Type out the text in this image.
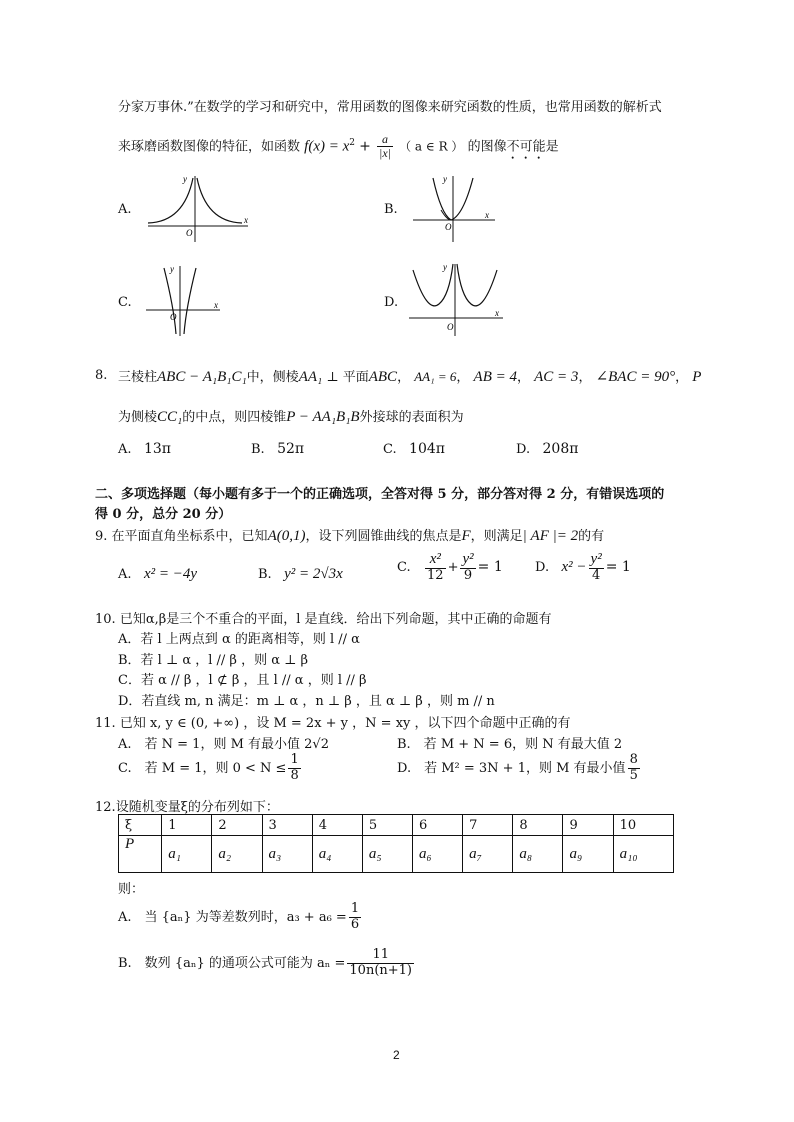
分家万事休.”在数学的学习和研究中，常用函数的图像来研究函数的性质，也常用函数的解析式
来琢磨函数图像的特征，如函数 $f(x) = x^2 + \frac{a}{|x|}$ （ a ∈ R ） 的图像不可能是
A.
y
x
O
B.
y
x
O
C.
y
x
O
D.
y
x
O
8. 三棱柱ABC − A₁B₁C₁中，侧棱AA₁ ⊥ 平面ABC， AA₁ = 6， AB = 4， AC = 3， ∠BAC = 90°， P
为侧棱CC₁的中点，则四棱锥P − AA₁B₁B外接球的表面积为
A. 13π	B. 52π	C. 104π	D. 208π
二、多项选择题（每小题有多于一个的正确选项，全答对得 5 分，部分答对得 2 分，有错误选项的
得 0 分，总分 20 分）
9. 在平面直角坐标系中，已知A(0,1)，设下列圆锥曲线的焦点是F，则满足| AF |= 2的有
A. x² = −4y	B. y² = 2√3x	C. $\frac{\text{x²}}{12} + \frac{\text{y²}}{9} = 1$ D. $x^2 - \frac{\text{y²}}{4} = 1$
10. 已知α,β是三个不重合的平面，l 是直线．给出下列命题，其中正确的命题有
A．若 l 上两点到 α 的距离相等，则 l // α
B．若 l ⊥ α ，l // β ，则 α ⊥ β
C．若 α // β ，l ⊄ β ，且 l // α ，则 l // β
D．若直线 m, n 满足：m ⊥ α ，n ⊥ β ，且 α ⊥ β ，则 m // n
11. 已知 x, y ∈ (0, +∞) ，设 M = 2x + y ，N = xy ，以下四个命题中正确的有
A.　若 N = 1，则 M 有最小值 2√2	B.　若 M + N = 6，则 N 有最大值 2
C.　若 M = 1，则 $0 < N \le \frac{1}{8}$	D.　若 M² = 3N + 1，则 M 有最小值 $\frac{8}{5}$
12.设随机变量ξ的分布列如下：
ξ	1	2	3	4	5	6	7	8	9	10
P	a₁	a₂	a₃	a₄	a₅	a₆	a₇	a₈	a₉	a₁₀
则：
A.　当 {aₙ} 为等差数列时，$a_3 + a_6 = \frac{1}{6}$
B.　数列 {aₙ} 的通项公式可能为 $a_n = \frac{11}{10n(n+1)}$
2
